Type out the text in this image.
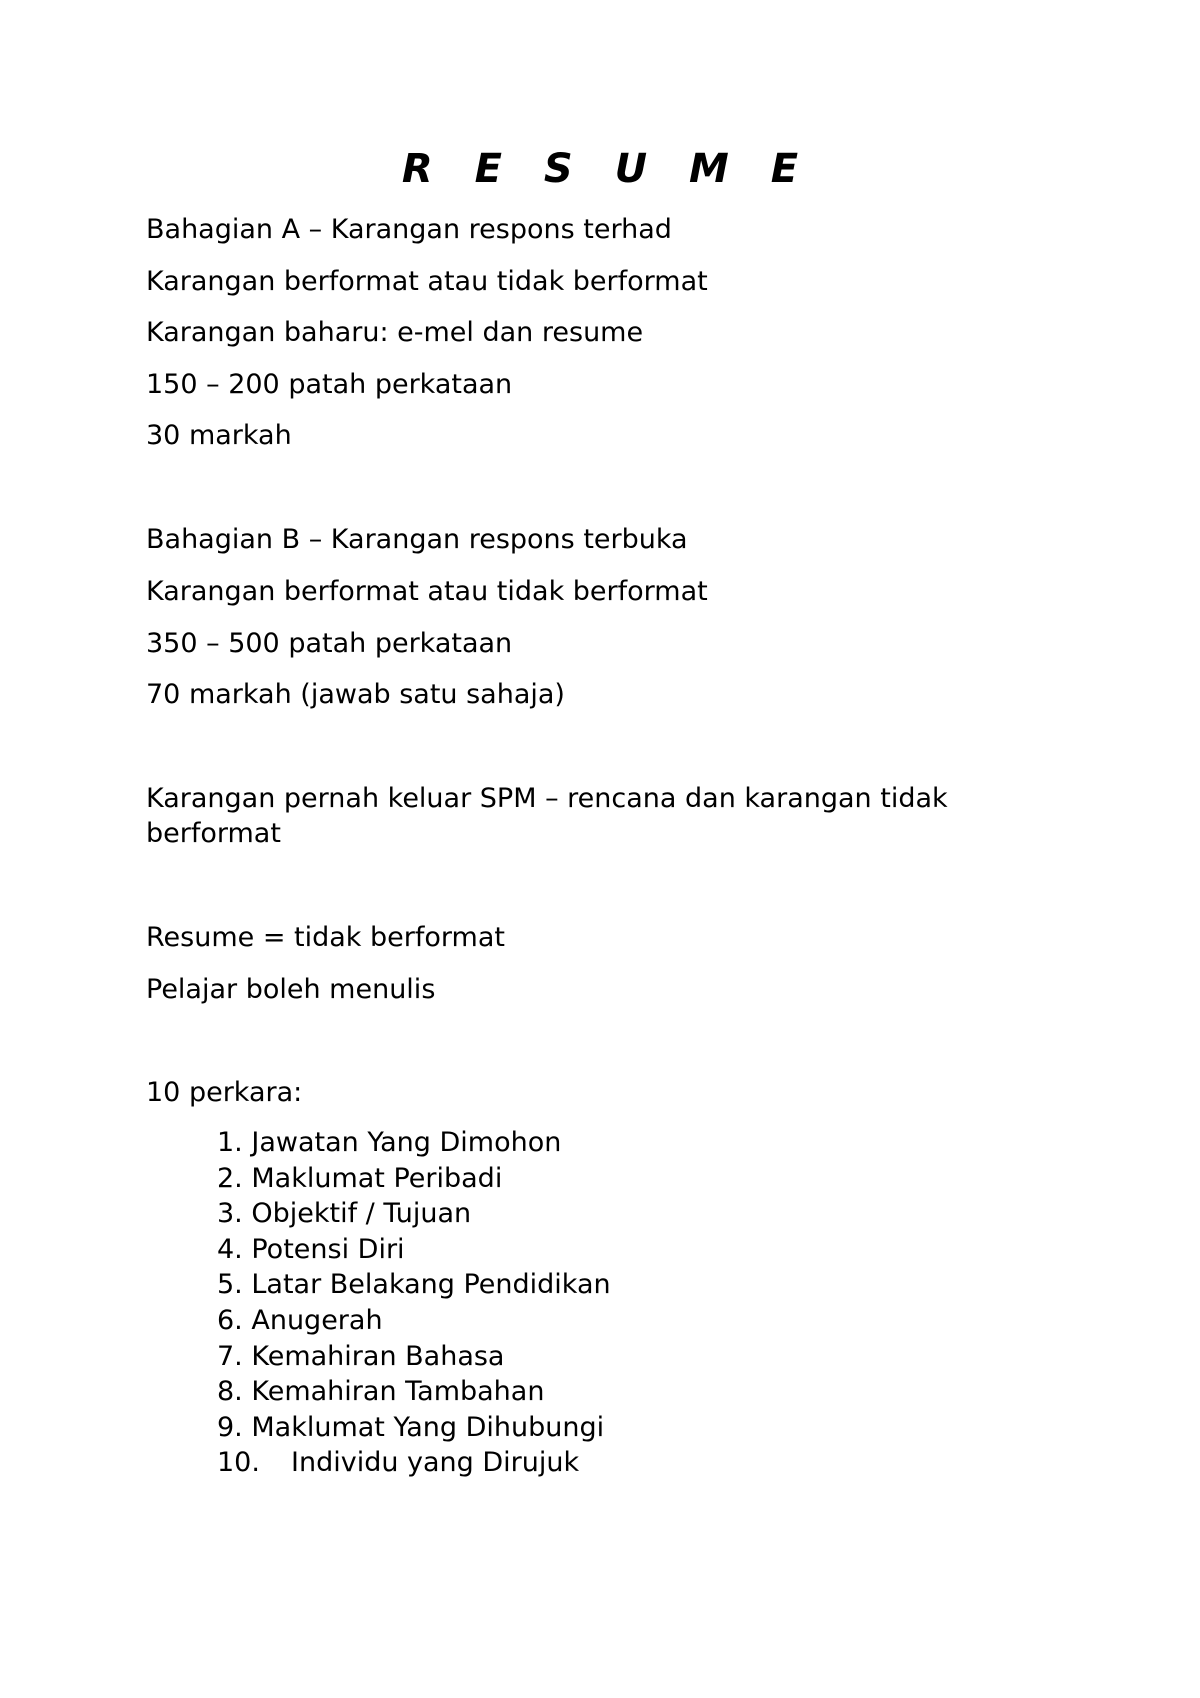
R E S U M E
Bahagian A – Karangan respons terhad
Karangan berformat atau tidak berformat
Karangan baharu: e-mel dan resume
150 – 200 patah perkataan
30 markah
Bahagian B – Karangan respons terbuka
Karangan berformat atau tidak berformat
350 – 500 patah perkataan
70 markah (jawab satu sahaja)
Karangan pernah keluar SPM – rencana dan karangan tidak berformat
Resume = tidak berformat
Pelajar boleh menulis
10 perkara:
1. Jawatan Yang Dimohon
2. Maklumat Peribadi
3. Objektif / Tujuan
4. Potensi Diri
5. Latar Belakang Pendidikan
6. Anugerah
7. Kemahiran Bahasa
8. Kemahiran Tambahan
9. Maklumat Yang Dihubungi
10. Individu yang Dirujuk
